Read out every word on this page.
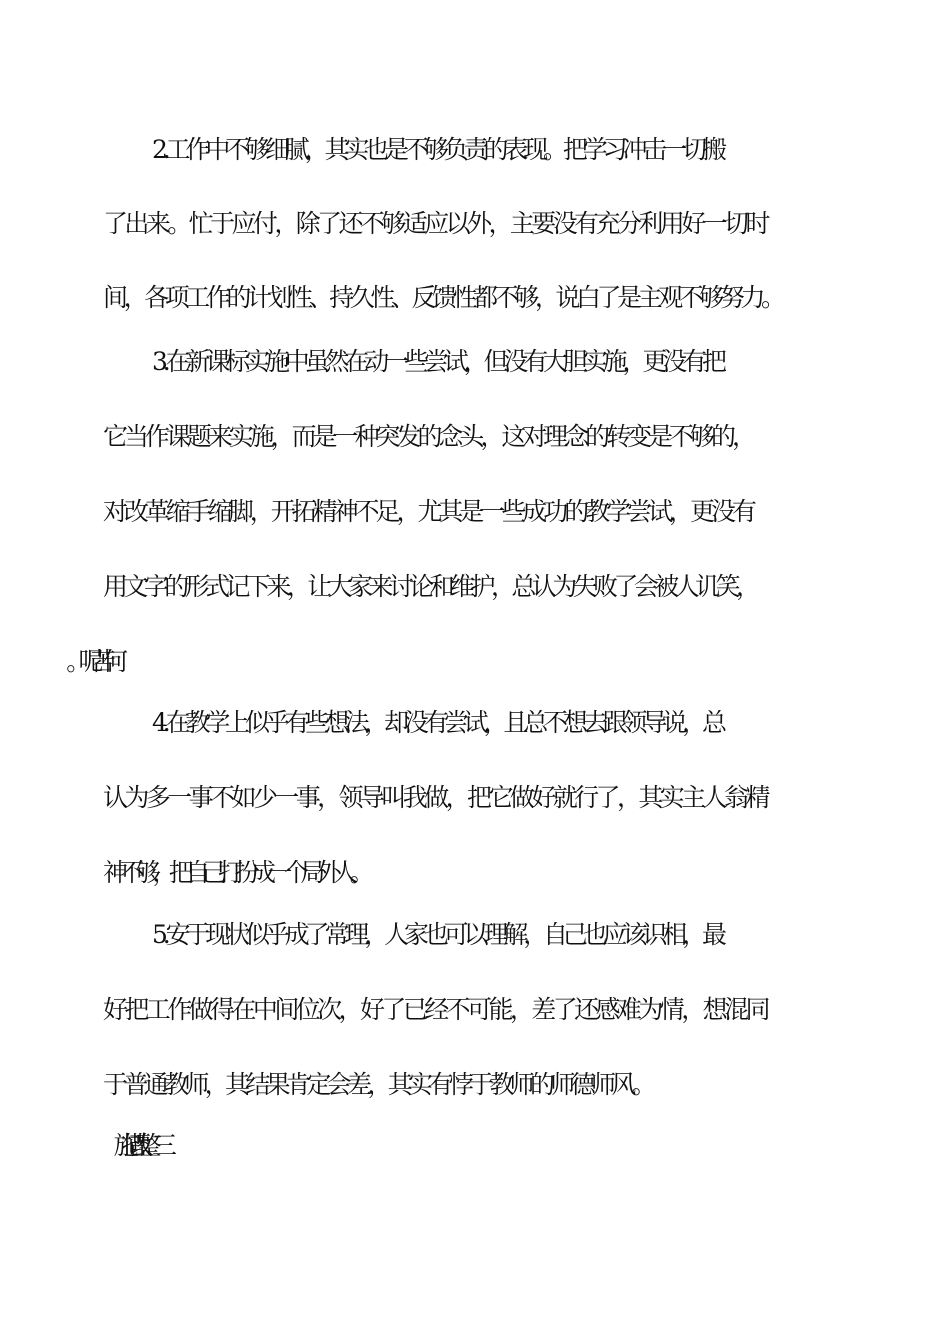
2.工作中不够细腻，其实也是不够负责的表现。把学习冲击一切搬
了出来。忙于应付，除了还不够适应以外，主要没有充分利用好一切时
间，各项工作的计划性、持久性、反馈性都不够，说白了是主观不够努力。
3.在新课标实施中虽然在动一些尝试，但没有大胆实施，更没有把
它当作课题来实施，而是一种突发的念头，这对理念的转变是不够的，
对改革缩手缩脚，开拓精神不足，尤其是一些成功的教学尝试，更没有
用文字的形式记下来，让大家来讨论和维护，总认为失败了会被人讥笑，
4.在教学上似乎有些想法，却没有尝试，且总不想去跟领导说，总
认为多一事不如少一事，领导叫我做，把它做好就行了，其实主人翁精
神不够，把自己打扮成一个局外人。
5.安于现状似乎成了常理，人家也可以理解，自己也应该识相，最
好把工作做得在中间位次，好了已经不可能，差了还感难为情，想混同
于普通教师，其结果肯定会差，其实有悖于教师的师德师风。
